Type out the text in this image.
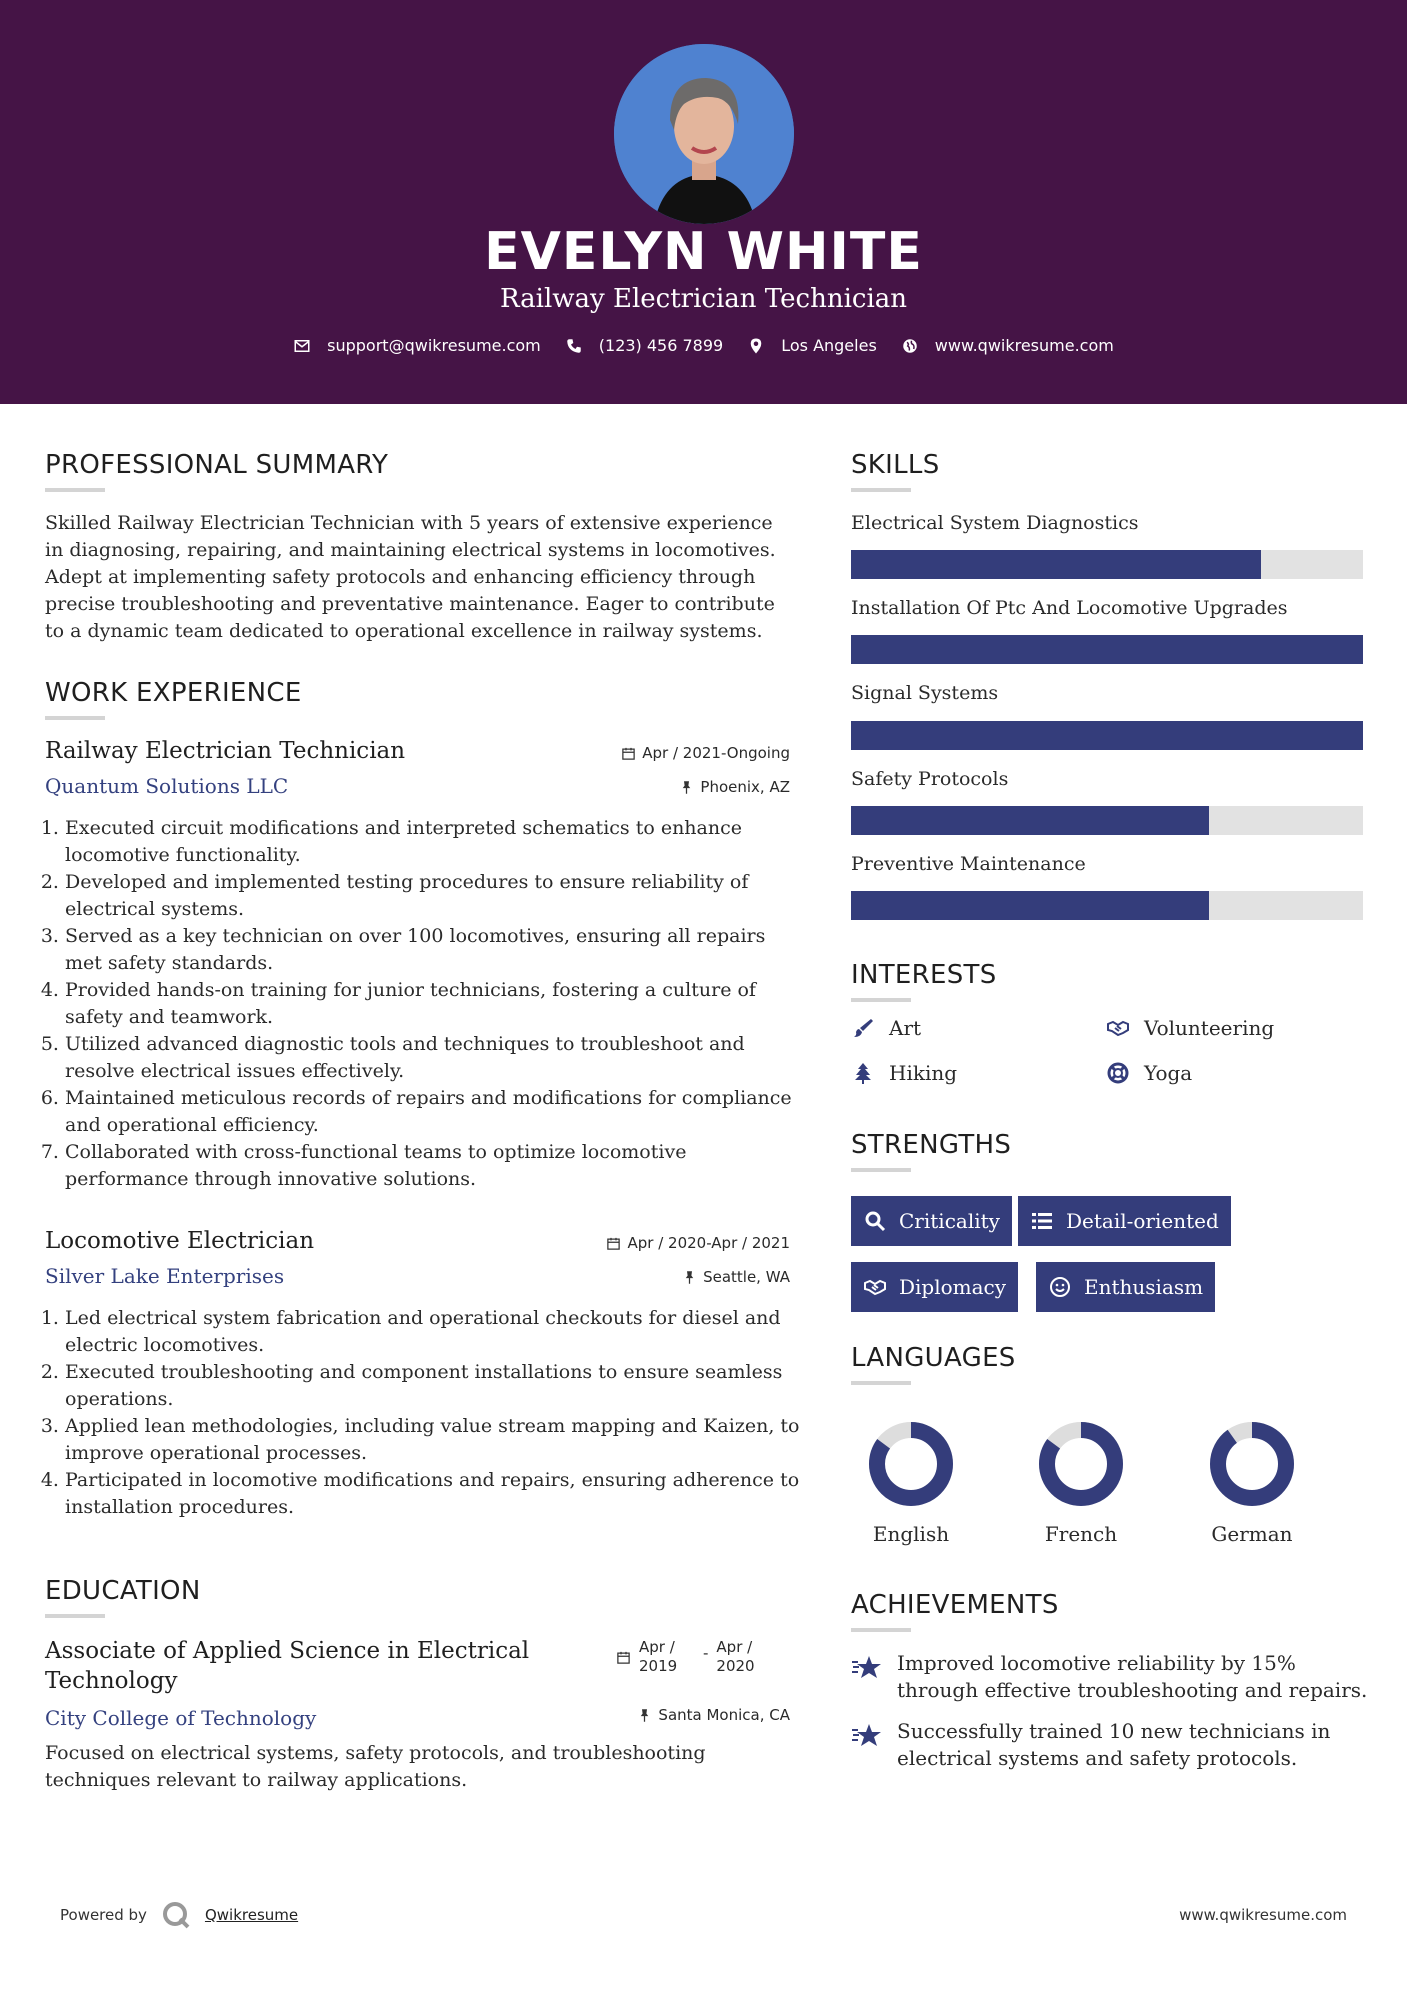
EVELYN WHITE
Railway Electrician Technician
support@qwikresume.com	(123) 456 7899	Los Angeles	www.qwikresume.com
PROFESSIONAL SUMMARY
Skilled Railway Electrician Technician with 5 years of extensive experience in diagnosing, repairing, and maintaining electrical systems in locomotives. Adept at implementing safety protocols and enhancing efficiency through precise troubleshooting and preventative maintenance. Eager to contribute to a dynamic team dedicated to operational excellence in railway systems.
WORK EXPERIENCE
Railway Electrician Technician	Apr / 2021-Ongoing
Quantum Solutions LLC	Phoenix, AZ
1. Executed circuit modifications and interpreted schematics to enhance locomotive functionality.
2. Developed and implemented testing procedures to ensure reliability of electrical systems.
3. Served as a key technician on over 100 locomotives, ensuring all repairs met safety standards.
4. Provided hands-on training for junior technicians, fostering a culture of safety and teamwork.
5. Utilized advanced diagnostic tools and techniques to troubleshoot and resolve electrical issues effectively.
6. Maintained meticulous records of repairs and modifications for compliance and operational efficiency.
7. Collaborated with cross-functional teams to optimize locomotive performance through innovative solutions.
Locomotive Electrician	Apr / 2020-Apr / 2021
Silver Lake Enterprises	Seattle, WA
1. Led electrical system fabrication and operational checkouts for diesel and electric locomotives.
2. Executed troubleshooting and component installations to ensure seamless operations.
3. Applied lean methodologies, including value stream mapping and Kaizen, to improve operational processes.
4. Participated in locomotive modifications and repairs, ensuring adherence to installation procedures.
EDUCATION
Associate of Applied Science in Electrical Technology
Apr / 2019
- Apr / 2020
City College of Technology	Santa Monica, CA
Focused on electrical systems, safety protocols, and troubleshooting techniques relevant to railway applications.
SKILLS
Electrical System Diagnostics
Installation Of Ptc And Locomotive Upgrades
Signal Systems
Safety Protocols
Preventive Maintenance
INTERESTS
Art	Volunteering
Hiking	Yoga
STRENGTHS
Criticality	Detail-oriented
Diplomacy	Enthusiasm
LANGUAGES
English	French	German
ACHIEVEMENTS
Improved locomotive reliability by 15% through effective troubleshooting and repairs.
Successfully trained 10 new technicians in electrical systems and safety protocols.
Powered by	Qwikresume	www.qwikresume.com
